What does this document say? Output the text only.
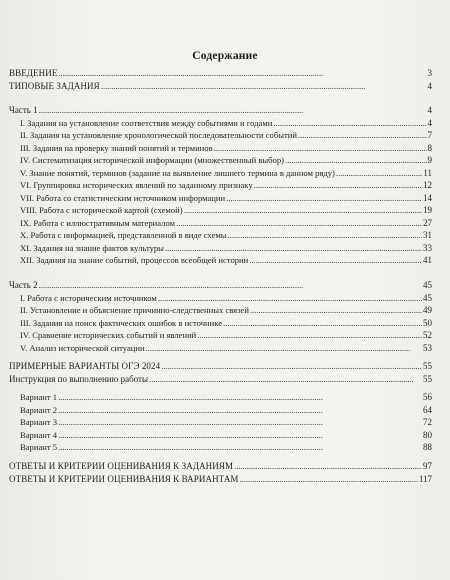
Содержание
ВВЕДЕНИЕ . . .	3
ТИПОВЫЕ ЗАДАНИЯ . . .	4
Часть 1 . . .	4
I. Задания на установление соответствия между событиями и годами . . .	4
II. Задания на установление хронологической последовательности событий . . .	7
III. Задания на проверку знаний понятий и терминов . . .	8
IV. Систематизация исторической информации (множественный выбор) . . .	9
V. Знание понятий, терминов (задание на выявление лишнего термина в данном ряду) . . .	11
VI. Группировка исторических явлений по заданному признаку . . .	12
VII. Работа со статистическим источником информации . . .	14
VIII. Работа с исторической картой (схемой) . . .	19
IX. Работа с иллюстративным материалом . . .	27
X. Работа с информацией, представленной в виде схемы . . .	31
XI. Задания на знание фактов культуры . . .	33
XII. Задания на знание событий, процессов всеобщей истории . . .	41
Часть 2 . . .	45
I. Работа с историческим источником . . .	45
II. Установление и объяснение причинно-следственных связей . . .	49
III. Задания на поиск фактических ошибок в источнике . . .	50
IV. Сравнение исторических событий и явлений . . .	52
V. Анализ исторической ситуации . . .	53
ПРИМЕРНЫЕ ВАРИАНТЫ ОГЭ 2024 . . .	55
Инструкция по выполнению работы . . .	55
Вариант 1 . . .	56
Вариант 2 . . .	64
Вариант 3 . . .	72
Вариант 4 . . .	80
Вариант 5 . . .	88
ОТВЕТЫ И КРИТЕРИИ ОЦЕНИВАНИЯ К ЗАДАНИЯМ . . .	97
ОТВЕТЫ И КРИТЕРИИ ОЦЕНИВАНИЯ К ВАРИАНТАМ . . .	117
